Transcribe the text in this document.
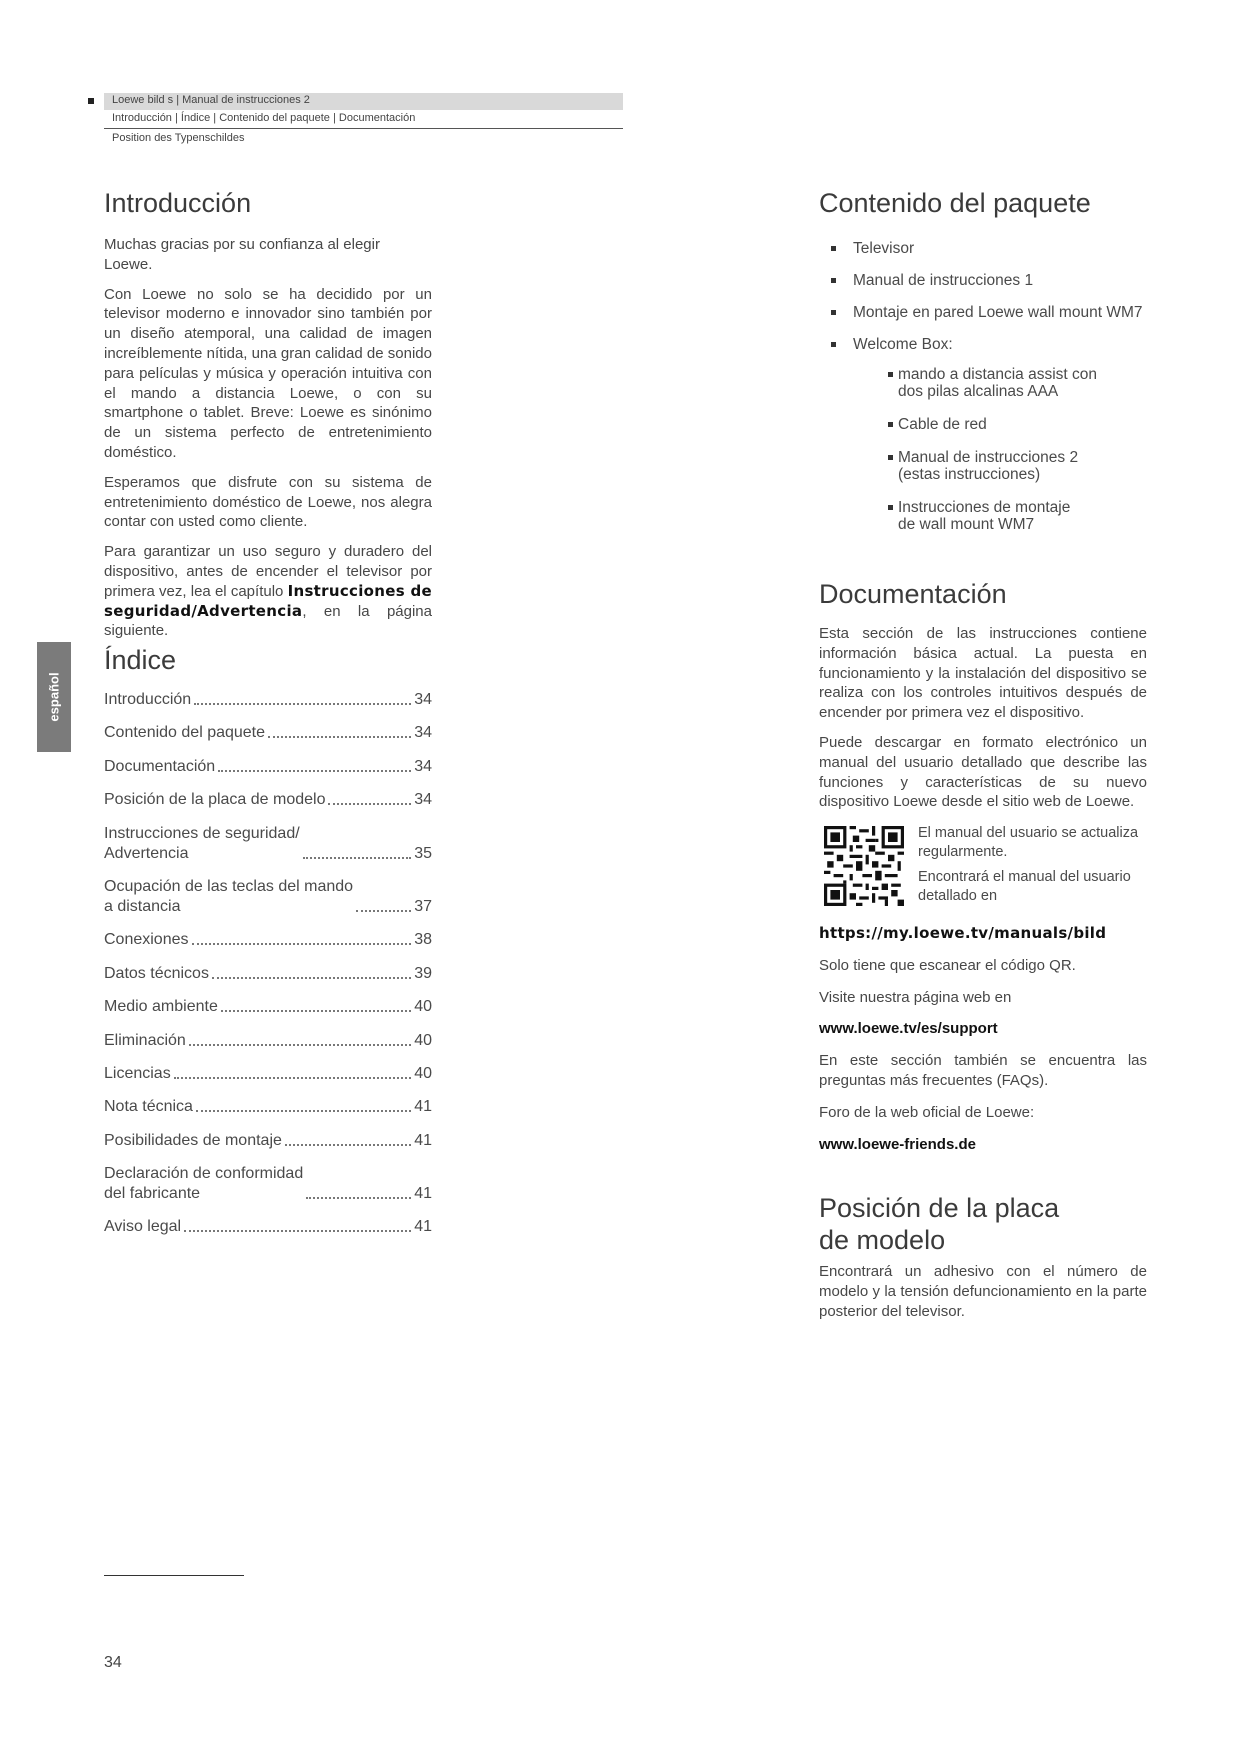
Loewe bild s | Manual de instrucciones 2
Introducción | Índice | Contenido del paquete | Documentación
Position des Typenschildes
español
Introducción

Muchas gracias por su confianza al elegir Loewe.

Con Loewe no solo se ha decidido por un televisor moderno e innovador sino también por un diseño atemporal, una calidad de imagen increíblemente nítida, una gran calidad de sonido para películas y música y operación intuitiva con el mando a distancia Loewe, o con su smartphone o tablet. Breve: Loewe es sinónimo de un sistema perfecto de entretenimiento doméstico.

Esperamos que disfrute con su sistema de entretenimiento doméstico de Loewe, nos alegra contar con usted como cliente.

Para garantizar un uso seguro y duradero del dispositivo, antes de encender el televisor por primera vez, lea el capítulo Instrucciones de seguridad/Advertencia, en la página siguiente.

Índice
Introducción	34
Contenido del paquete	34
Documentación	34
Posición de la placa de modelo	34
Instrucciones de seguridad/
Advertencia	35
Ocupación de las teclas del mando
a distancia	37
Conexiones	38
Datos técnicos	39
Medio ambiente	40
Eliminación	40
Licencias	40
Nota técnica	41
Posibilidades de montaje	41
Declaración de conformidad
del fabricante	41
Aviso legal	41
Contenido del paquete
Televisor
Manual de instrucciones 1
Montaje en pared Loewe wall mount WM7
Welcome Box:
mando a distancia assist con
dos pilas alcalinas AAA
Cable de red
Manual de instrucciones 2
(estas instrucciones)
Instrucciones de montaje
de wall mount WM7
Documentación

Esta sección de las instrucciones contiene información básica actual. La puesta en funcionamiento y la instalación del dispositivo se realiza con los controles intuitivos después de encender por primera vez el dispositivo.

Puede descargar en formato electrónico un manual del usuario detallado que describe las funciones y características de su nuevo dispositivo Loewe desde el sitio web de Loewe.

El manual del usuario se actualiza regularmente.

Encontrará el manual del usuario detallado en

https://my.loewe.tv/manuals/bild

Solo tiene que escanear el código QR.

Visite nuestra página web en

www.loewe.tv/es/support

En este sección también se encuentra las preguntas más frecuentes (FAQs).

Foro de la web oficial de Loewe:

www.loewe-friends.de

Posición de la placa de modelo

Encontrará un adhesivo con el número de modelo y la tensión defuncionamiento en la parte posterior del televisor.

34
